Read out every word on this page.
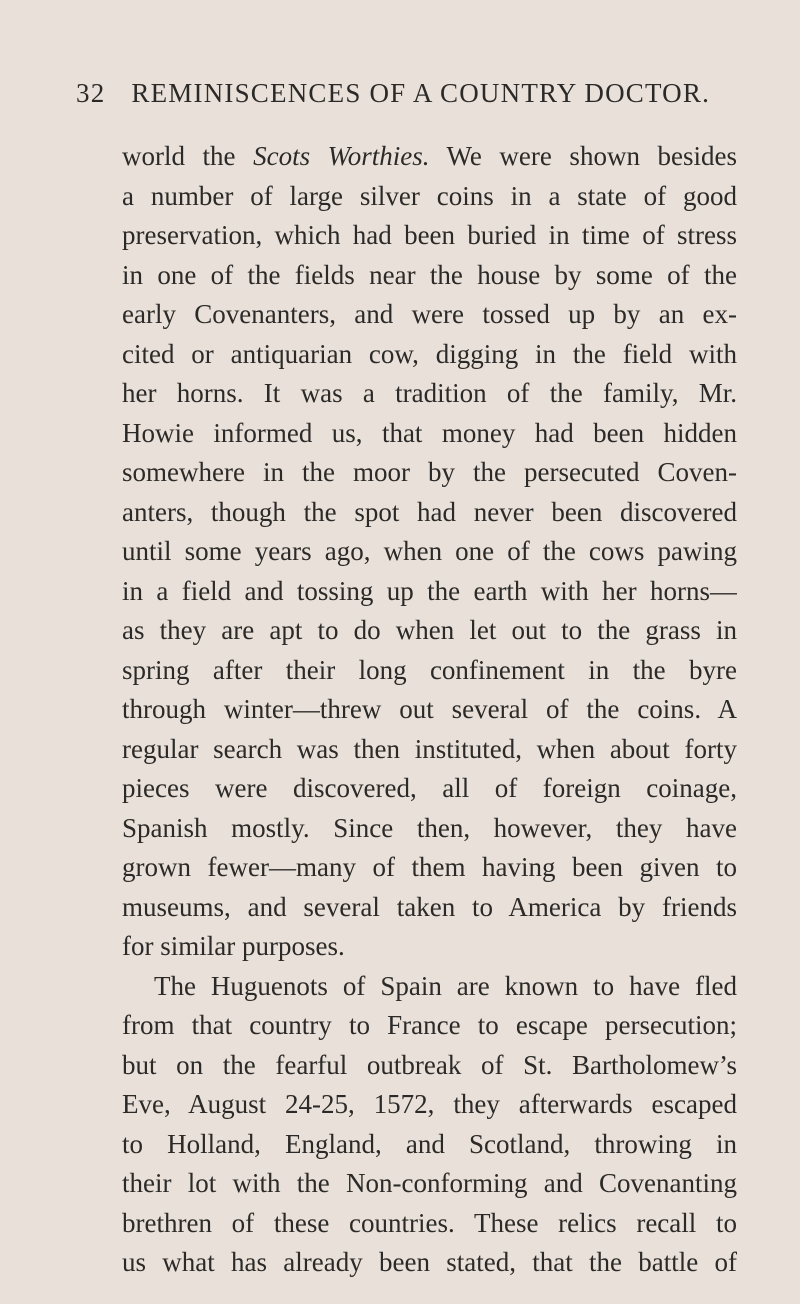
32 REMINISCENCES OF A COUNTRY DOCTOR.
world the Scots Worthies. We were shown besides
a number of large silver coins in a state of good
preservation, which had been buried in time of stress
in one of the fields near the house by some of the
early Covenanters, and were tossed up by an ex-
cited or antiquarian cow, digging in the field with
her horns. It was a tradition of the family, Mr.
Howie informed us, that money had been hidden
somewhere in the moor by the persecuted Coven-
anters, though the spot had never been discovered
until some years ago, when one of the cows pawing
in a field and tossing up the earth with her horns—
as they are apt to do when let out to the grass in
spring after their long confinement in the byre
through winter—threw out several of the coins. A
regular search was then instituted, when about forty
pieces were discovered, all of foreign coinage,
Spanish mostly. Since then, however, they have
grown fewer—many of them having been given to
museums, and several taken to America by friends
for similar purposes.
The Huguenots of Spain are known to have fled
from that country to France to escape persecution;
but on the fearful outbreak of St. Bartholomew’s
Eve, August 24-25, 1572, they afterwards escaped
to Holland, England, and Scotland, throwing in
their lot with the Non-conforming and Covenanting
brethren of these countries. These relics recall to
us what has already been stated, that the battle of
